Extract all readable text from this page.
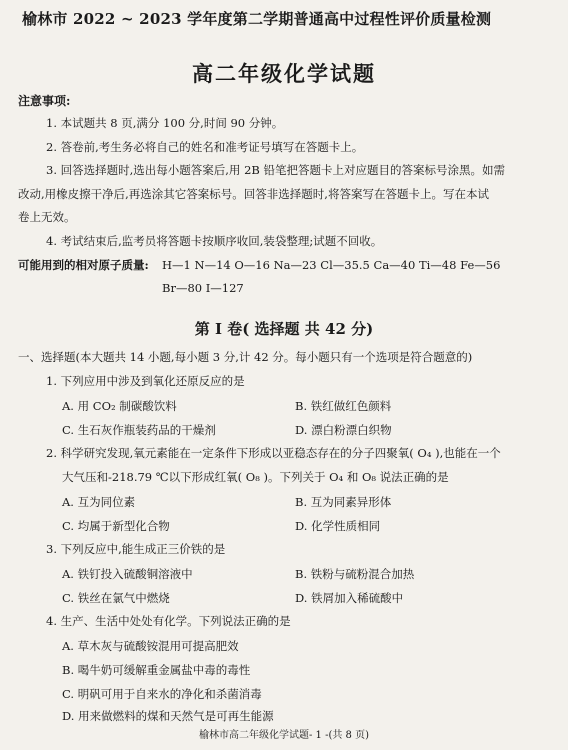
榆林市 2022 ~ 2023 学年度第二学期普通高中过程性评价质量检测
高二年级化学试题
注意事项:
1. 本试题共 8 页,满分 100 分,时间 90 分钟。
2. 答卷前,考生务必将自己的姓名和准考证号填写在答题卡上。
3. 回答选择题时,选出每小题答案后,用 2B 铅笔把答题卡上对应题目的答案标号涂黑。如需
改动,用橡皮擦干净后,再选涂其它答案标号。回答非选择题时,将答案写在答题卡上。写在本试
卷上无效。
4. 考试结束后,监考员将答题卡按顺序收回,装袋整理;试题不回收。
可能用到的相对原子质量: H—1 N—14 O—16 Na—23 Cl—35.5 Ca—40 Ti—48 Fe—56
Br—80 I—127
第 I 卷( 选择题 共 42 分)
一、选择题(本大题共 14 小题,每小题 3 分,计 42 分。每小题只有一个选项是符合题意的)
1. 下列应用中涉及到氧化还原反应的是
A. 用 CO₂ 制碳酸饮料	B. 铁红做红色颜料
C. 生石灰作瓶装药品的干燥剂	D. 漂白粉漂白织物
2. 科学研究发现,氧元素能在一定条件下形成以亚稳态存在的分子四聚氧( O₄ ),也能在一个
大气压和-218.79 ℃以下形成红氧( O₈ )。下列关于 O₄ 和 O₈ 说法正确的是
A. 互为同位素	B. 互为同素异形体
C. 均属于新型化合物	D. 化学性质相同
3. 下列反应中,能生成正三价铁的是
A. 铁钉投入硫酸铜溶液中	B. 铁粉与硫粉混合加热
C. 铁丝在氯气中燃烧	D. 铁屑加入稀硫酸中
4. 生产、生活中处处有化学。下列说法正确的是
A. 草木灰与硫酸铵混用可提高肥效
B. 喝牛奶可缓解重金属盐中毒的毒性
C. 明矾可用于自来水的净化和杀菌消毒
D. 用来做燃料的煤和天然气是可再生能源
榆林市高二年级化学试题- 1 -(共 8 页)
